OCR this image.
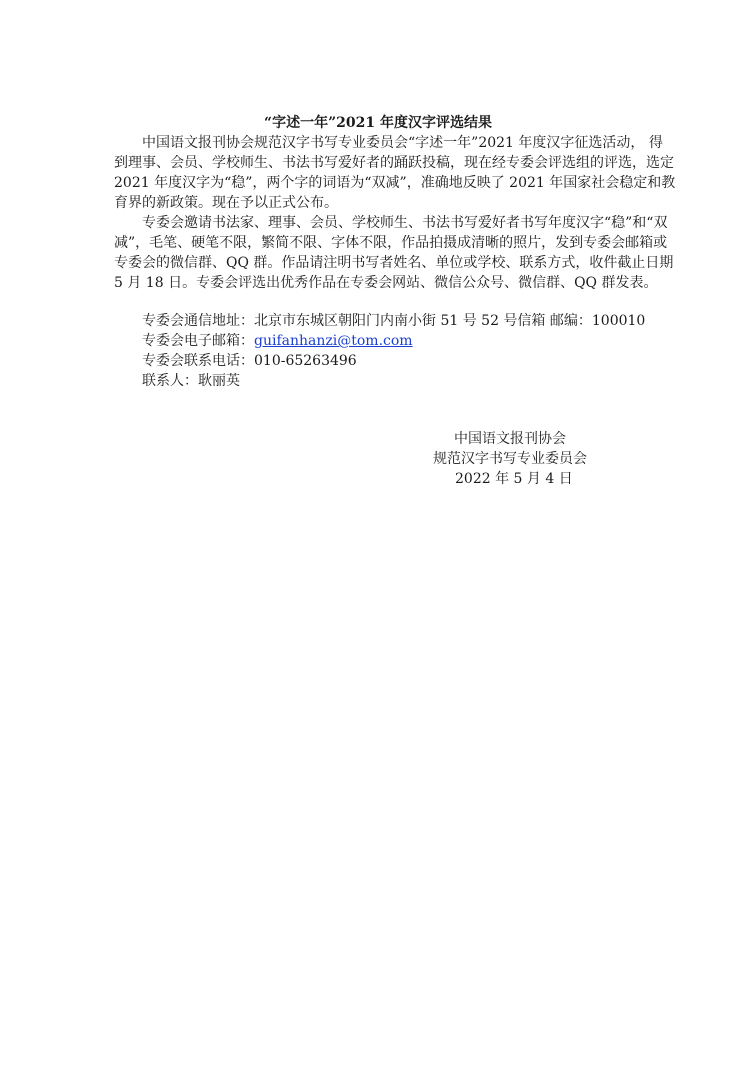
“字述一年”2021 年度汉字评选结果
中国语文报刊协会规范汉字书写专业委员会“字述一年”2021 年度汉字征选活动， 得
到理事、会员、学校师生、书法书写爱好者的踊跃投稿，现在经专委会评选组的评选，选定
2021 年度汉字为“稳”，两个字的词语为“双减”，准确地反映了 2021 年国家社会稳定和教
育界的新政策。现在予以正式公布。
专委会邀请书法家、理事、会员、学校师生、书法书写爱好者书写年度汉字“稳”和“双
减”，毛笔、硬笔不限，繁简不限、字体不限，作品拍摄成清晰的照片，发到专委会邮箱或
专委会的微信群、QQ 群。作品请注明书写者姓名、单位或学校、联系方式，收件截止日期
5 月 18 日。专委会评选出优秀作品在专委会网站、微信公众号、微信群、QQ 群发表。
专委会通信地址：北京市东城区朝阳门内南小街 51 号 52 号信箱 邮编：100010
专委会电子邮箱：guifanhanzi@tom.com
专委会联系电话：010-65263496
联系人：耿丽英
中国语文报刊协会
规范汉字书写专业委员会
2022 年 5 月 4 日
